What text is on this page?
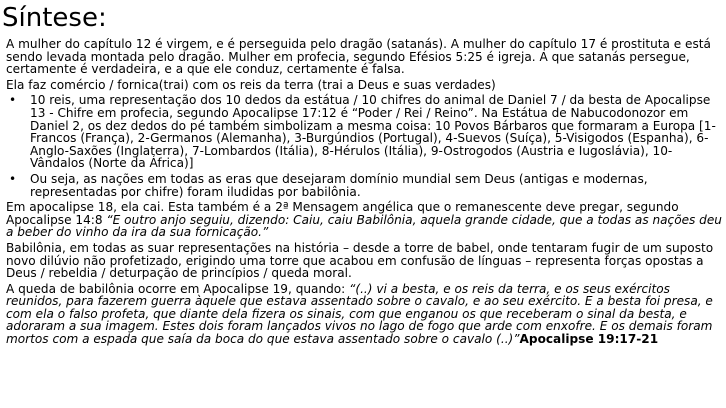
Síntese:

A mulher do capítulo 12 é virgem, e é perseguida pelo dragão (satanás). A mulher do capítulo 17 é prostituta e está sendo levada montada pelo dragão. Mulher em profecia, segundo Efésios 5:25 é igreja. A que satanás persegue, certamente é verdadeira, e a que ele conduz, certamente é falsa.

Ela faz comércio / fornica(trai) com os reis da terra (trai a Deus e suas verdades)

• 10 reis, uma representação dos 10 dedos da estátua / 10 chifres do animal de Daniel 7 / da besta de Apocalipse 13 - Chifre em profecia, segundo Apocalipse 17:12 é “Poder / Rei / Reino”. Na Estátua de Nabucodonozor em Daniel 2, os dez dedos do pé também simbolizam a mesma coisa: 10 Povos Bárbaros que formaram a Europa [1-Francos (França), 2-Germanos (Alemanha), 3-Burgúndios (Portugal), 4-Suevos (Suíça), 5-Visigodos (Espanha), 6-Anglo-Saxões (Inglaterra), 7-Lombardos (Itália), 8-Hérulos (Itália), 9-Ostrogodos (Austria e Iugoslávia), 10-Vândalos (Norte da África)]
• Ou seja, as nações em todas as eras que desejaram domínio mundial sem Deus (antigas e modernas, representadas por chifre) foram iludidas por babilônia.

Em apocalipse 18, ela cai. Esta também é a 2ª Mensagem angélica que o remanescente deve pregar, segundo Apocalipse 14:8 “E outro anjo seguiu, dizendo: Caiu, caiu Babilônia, aquela grande cidade, que a todas as nações deu a beber do vinho da ira da sua fornicação.”

Babilônia, em todas as suar representações na história – desde a torre de babel, onde tentaram fugir de um suposto novo dilúvio não profetizado, erigindo uma torre que acabou em confusão de línguas – representa forças opostas a Deus / rebeldia / deturpação de princípios / queda moral.

A queda de babilônia ocorre em Apocalipse 19, quando: “(..) vi a besta, e os reis da terra, e os seus exércitos reunidos, para fazerem guerra àquele que estava assentado sobre o cavalo, e ao seu exército. E a besta foi presa, e com ela o falso profeta, que diante dela fizera os sinais, com que enganou os que receberam o sinal da besta, e adoraram a sua imagem. Estes dois foram lançados vivos no lago de fogo que arde com enxofre. E os demais foram mortos com a espada que saía da boca do que estava assentado sobre o cavalo (..)”Apocalipse 19:17-21
